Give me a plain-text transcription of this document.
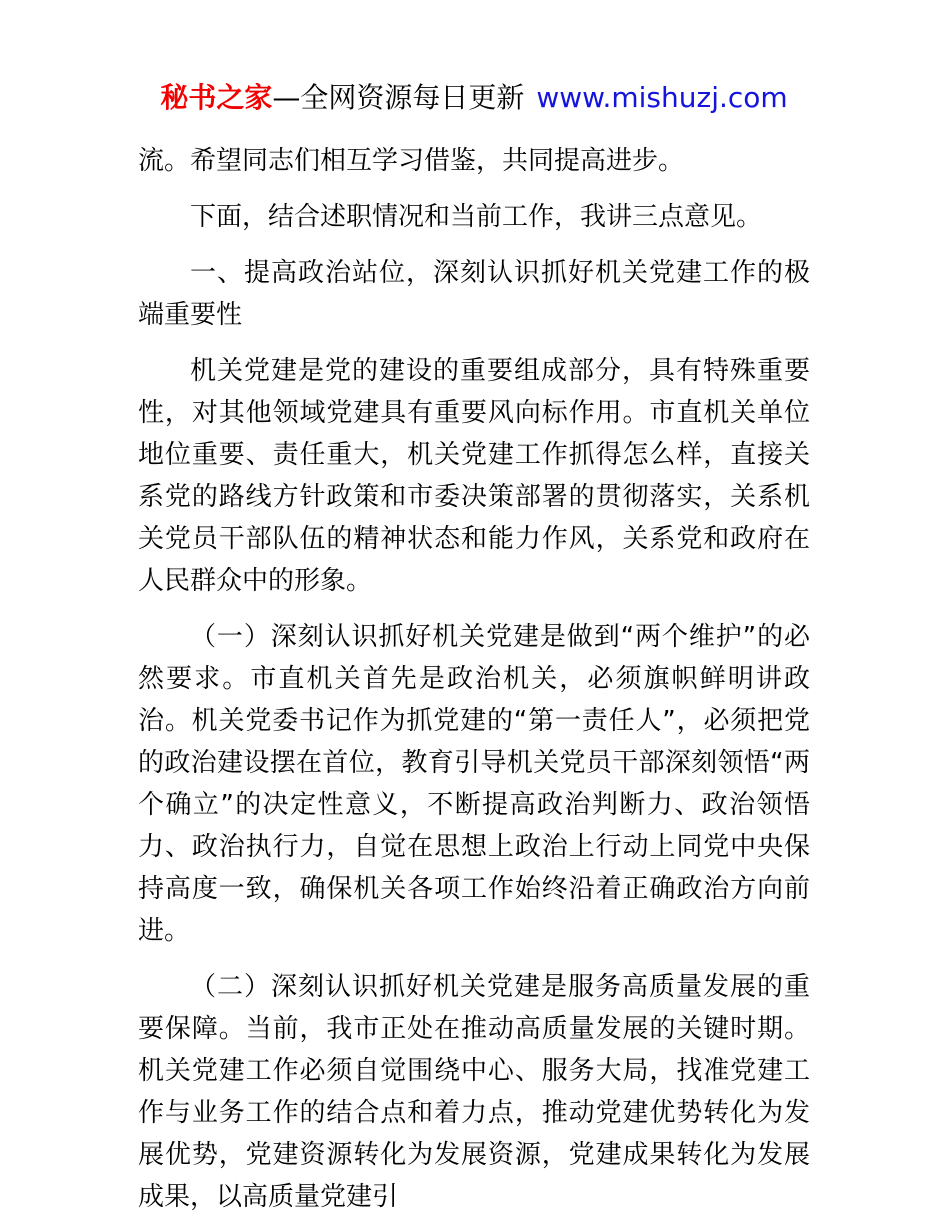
秘书之家—全网资源每日更新 www.mishuzj.com

流。希望同志们相互学习借鉴，共同提高进步。

下面，结合述职情况和当前工作，我讲三点意见。

一、提高政治站位，深刻认识抓好机关党建工作的极端重要性

机关党建是党的建设的重要组成部分，具有特殊重要性，对其他领域党建具有重要风向标作用。市直机关单位地位重要、责任重大，机关党建工作抓得怎么样，直接关系党的路线方针政策和市委决策部署的贯彻落实，关系机关党员干部队伍的精神状态和能力作风，关系党和政府在人民群众中的形象。

（一）深刻认识抓好机关党建是做到“两个维护”的必然要求。市直机关首先是政治机关，必须旗帜鲜明讲政治。机关党委书记作为抓党建的“第一责任人”，必须把党的政治建设摆在首位，教育引导机关党员干部深刻领悟“两个确立”的决定性意义，不断提高政治判断力、政治领悟力、政治执行力，自觉在思想上政治上行动上同党中央保持高度一致，确保机关各项工作始终沿着正确政治方向前进。

（二）深刻认识抓好机关党建是服务高质量发展的重要保障。当前，我市正处在推动高质量发展的关键时期。机关党建工作必须自觉围绕中心、服务大局，找准党建工作与业务工作的结合点和着力点，推动党建优势转化为发展优势，党建资源转化为发展资源，党建成果转化为发展成果，以高质量党建引
